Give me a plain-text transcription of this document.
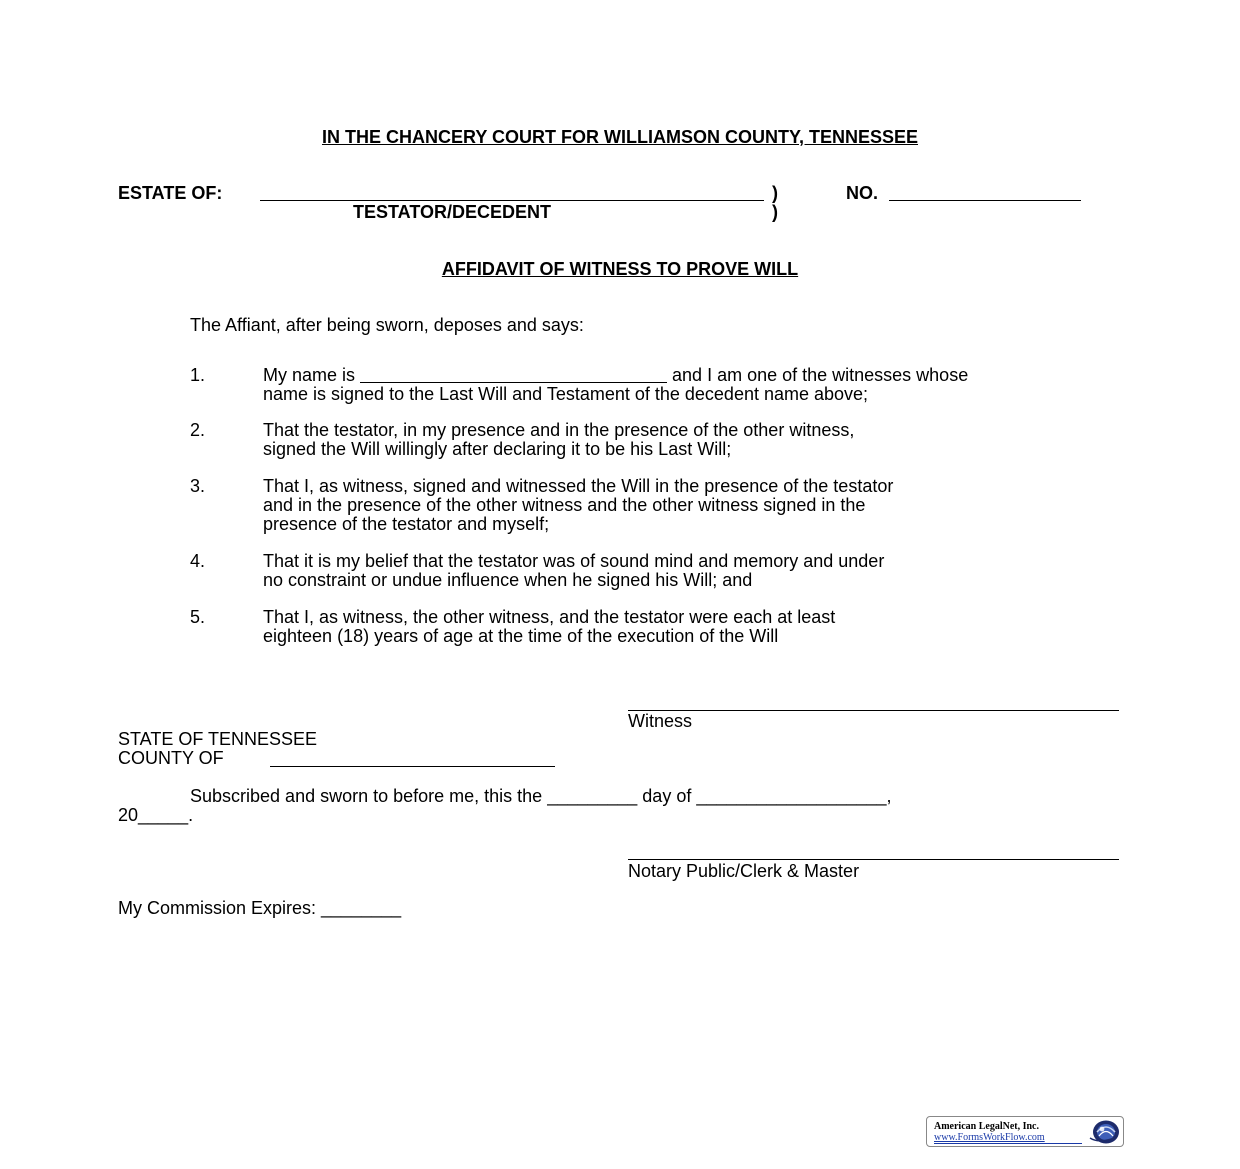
IN THE CHANCERY COURT FOR WILLIAMSON COUNTY, TENNESSEE
ESTATE OF:	)
TESTATOR/DECEDENT	)
NO.
AFFIDAVIT OF WITNESS TO PROVE WILL
The Affiant, after being sworn, deposes and says:
1.	My name is	and I am one of the witnesses whose
name is signed to the Last Will and Testament of the decedent name above;
2.	That the testator, in my presence and in the presence of the other witness,
signed the Will willingly after declaring it to be his Last Will;
3.	That I, as witness, signed and witnessed the Will in the presence of the testator
and in the presence of the other witness and the other witness signed in the
presence of the testator and myself;
4.	That it is my belief that the testator was of sound mind and memory and under
no constraint or undue influence when he signed his Will; and
5.	That I, as witness, the other witness, and the testator were each at least
eighteen (18) years of age at the time of the execution of the Will
Witness
STATE OF TENNESSEE
COUNTY OF
Subscribed and sworn to before me, this the _________ day of ___________________,
20_____.
Notary Public/Clerk & Master
My Commission Expires: ________
American LegalNet, Inc.
www.FormsWorkFlow.com
